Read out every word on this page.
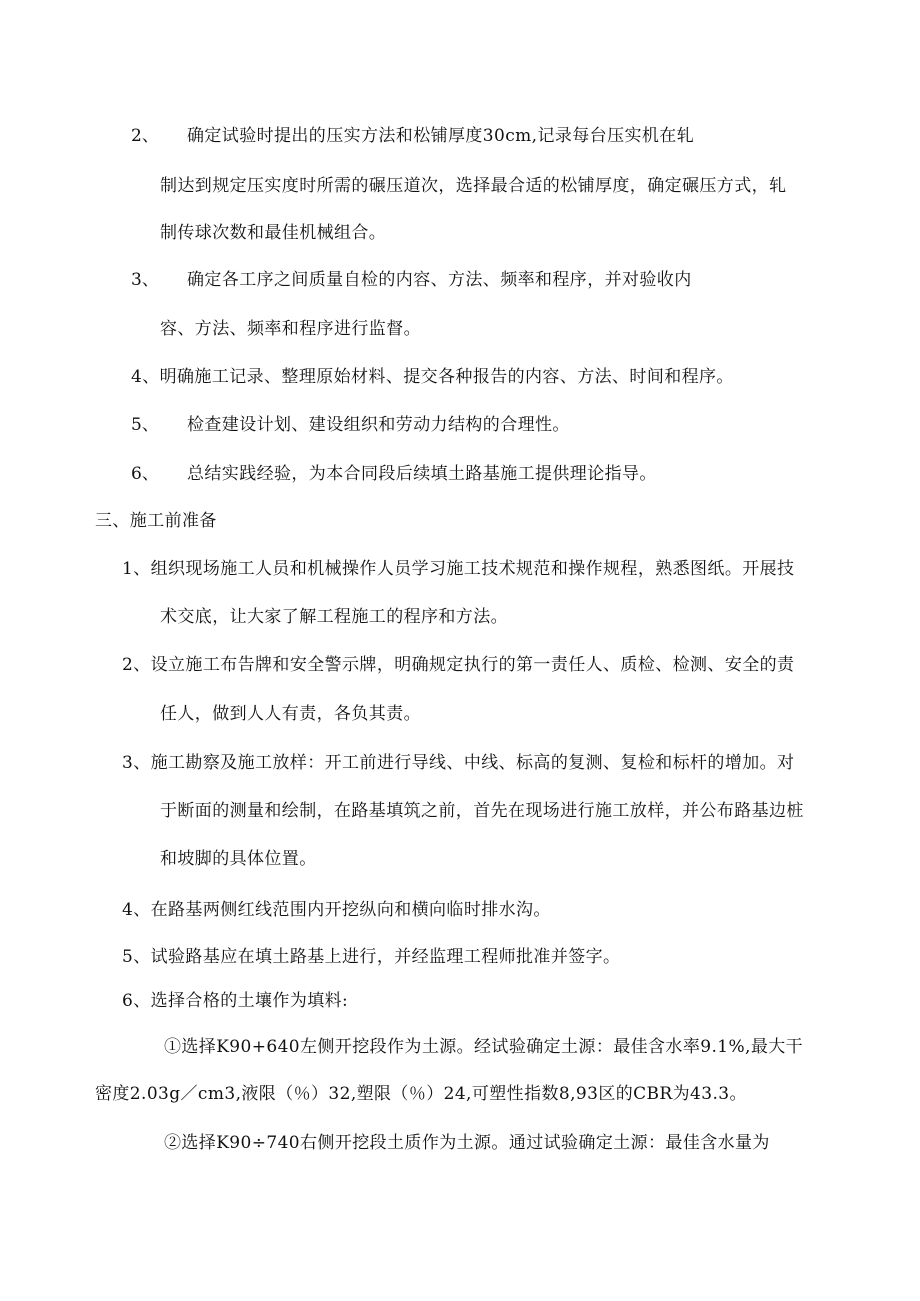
2、 确定试验时提出的压实方法和松铺厚度30cm,记录每台压实机在轧
制达到规定压实度时所需的碾压道次，选择最合适的松铺厚度，确定碾压方式，轧
制传球次数和最佳机械组合。
3、 确定各工序之间质量自检的内容、方法、频率和程序，并对验收内
容、方法、频率和程序进行监督。
4、明确施工记录、整理原始材料、提交各种报告的内容、方法、时间和程序。
5、 检查建设计划、建设组织和劳动力结构的合理性。
6、 总结实践经验，为本合同段后续填土路基施工提供理论指导。
三、施工前准备
1、组织现场施工人员和机械操作人员学习施工技术规范和操作规程，熟悉图纸。开展技
术交底，让大家了解工程施工的程序和方法。
2、设立施工布告牌和安全警示牌，明确规定执行的第一责任人、质检、检测、安全的责
任人，做到人人有责，各负其责。
3、施工勘察及施工放样：开工前进行导线、中线、标高的复测、复检和标杆的增加。对
于断面的测量和绘制，在路基填筑之前，首先在现场进行施工放样，并公布路基边桩
和坡脚的具体位置。
4、在路基两侧红线范围内开挖纵向和横向临时排水沟。
5、试验路基应在填土路基上进行，并经监理工程师批准并签字。
6、选择合格的土壤作为填料:
①选择K90+640左侧开挖段作为土源。经试验确定土源：最佳含水率9.1%,最大干
密度2.03g／cm3,液限（％）32,塑限（％）24,可塑性指数8,93区的CBR为43.3。
②选择K90÷740右侧开挖段土质作为土源。通过试验确定土源：最佳含水量为
